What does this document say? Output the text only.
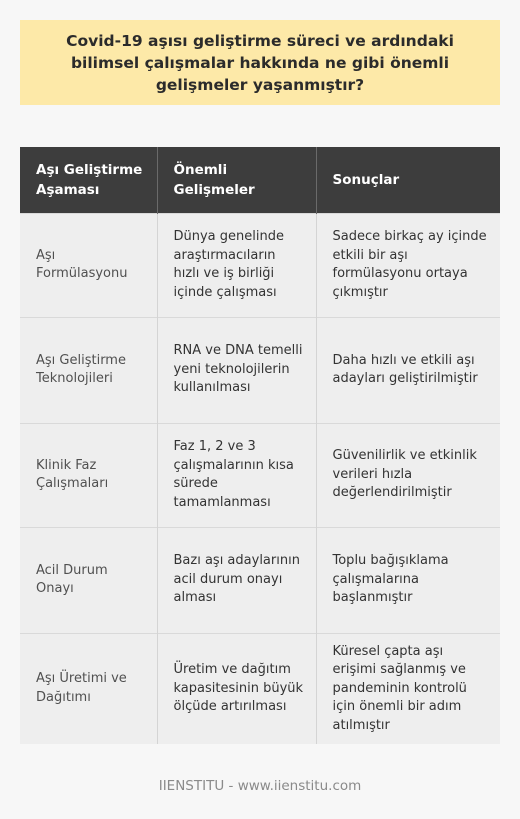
Covid-19 aşısı geliştirme süreci ve ardındaki bilimsel çalışmalar hakkında ne gibi önemli gelişmeler yaşanmıştır?
Aşı Geliştirme Aşaması	Önemli Gelişmeler	Sonuçlar
Aşı Formülasyonu	Dünya genelinde araştırmacıların hızlı ve iş birliği içinde çalışması	Sadece birkaç ay içinde etkili bir aşı formülasyonu ortaya çıkmıştır
Aşı Geliştirme Teknolojileri	RNA ve DNA temelli yeni teknolojilerin kullanılması	Daha hızlı ve etkili aşı adayları geliştirilmiştir
Klinik Faz Çalışmaları	Faz 1, 2 ve 3 çalışmalarının kısa sürede tamamlanması	Güvenilirlik ve etkinlik verileri hızla değerlendirilmiştir
Acil Durum Onayı	Bazı aşı adaylarının acil durum onayı alması	Toplu bağışıklama çalışmalarına başlanmıştır
Aşı Üretimi ve Dağıtımı	Üretim ve dağıtım kapasitesinin büyük ölçüde artırılması	Küresel çapta aşı erişimi sağlanmış ve pandeminin kontrolü için önemli bir adım atılmıştır
IIENSTITU - www.iienstitu.com
